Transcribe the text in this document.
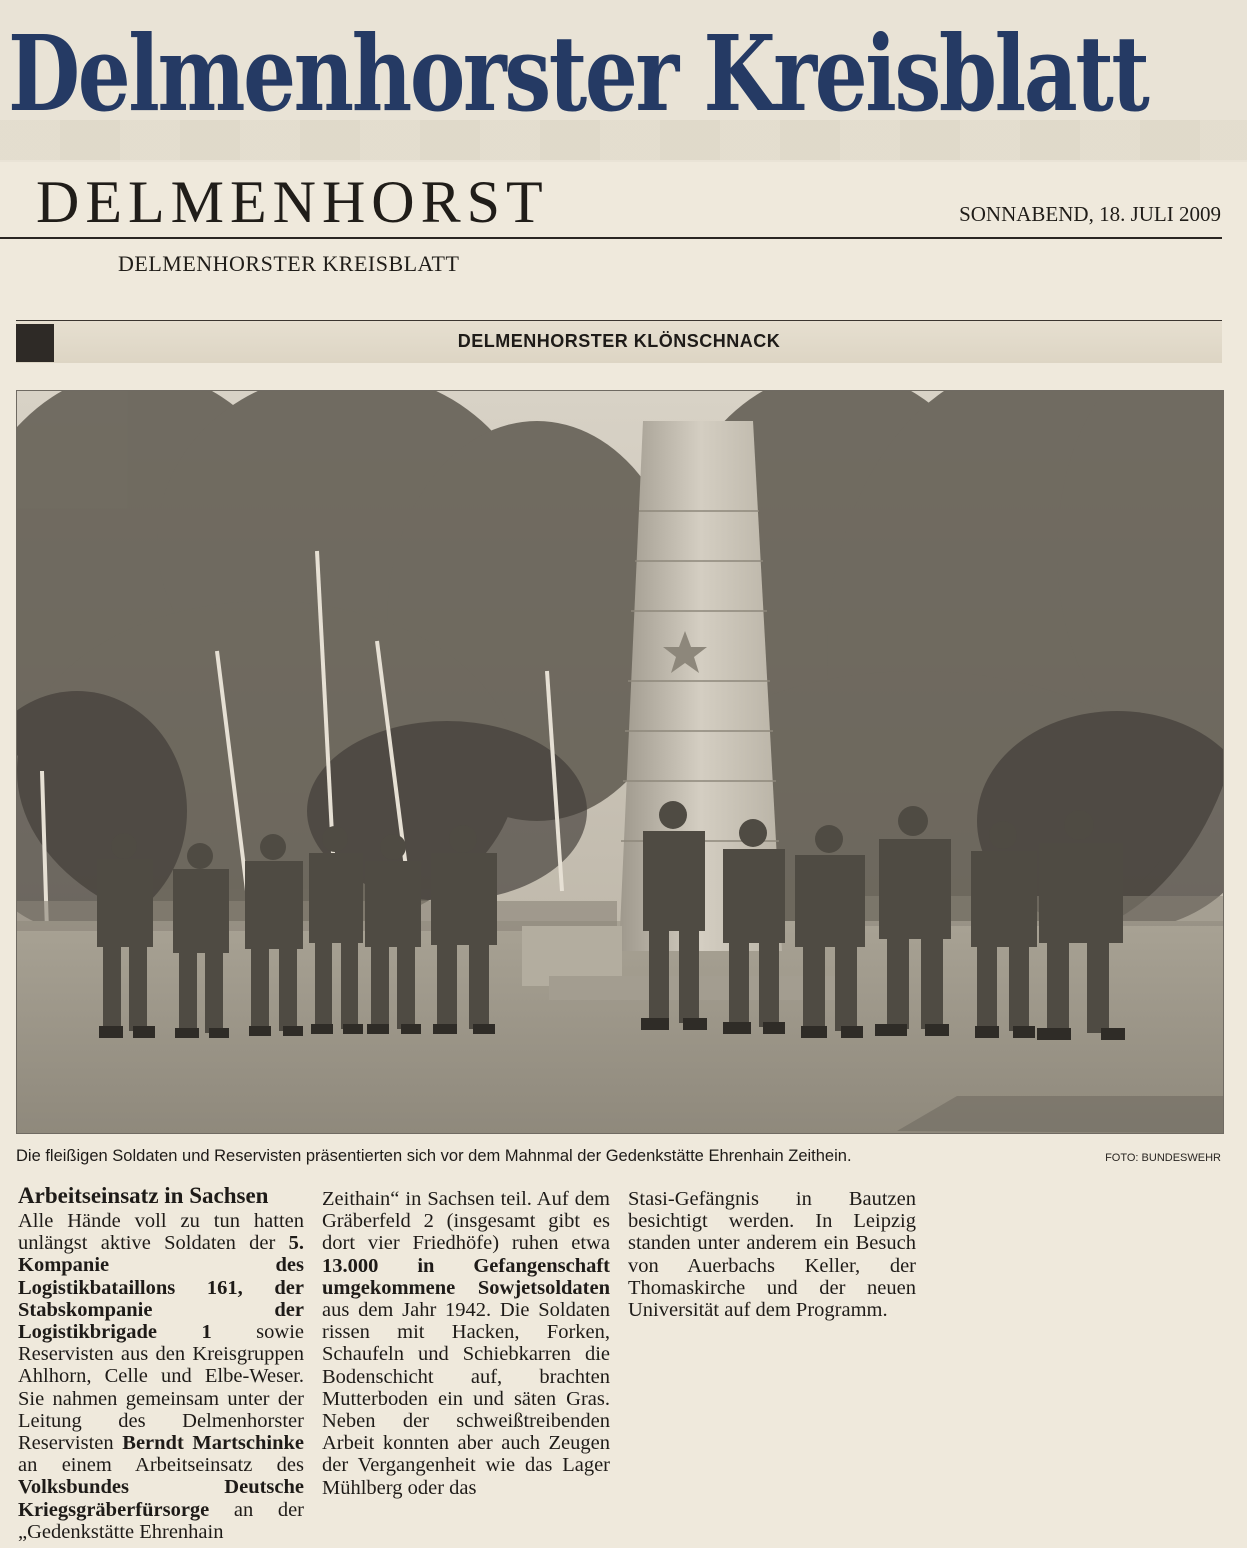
Delmenhorster Kreisblatt
DELMENHORST	SONNABEND, 18. JULI 2009
DELMENHORSTER KREISBLATT
DELMENHORSTER KLÖNSCHNACK
Die fleißigen Soldaten und Reservisten präsentierten sich vor dem Mahnmal der Gedenkstätte Ehrenhain Zeithein.	FOTO: BUNDESWEHR
Arbeitseinsatz in Sachsen
Alle Hände voll zu tun hatten unlängst aktive Soldaten der 5. Kompanie des Logistikbataillons 161, der Stabskompanie der Logistikbrigade 1 sowie Reservisten aus den Kreisgruppen Ahlhorn, Celle und Elbe-Weser. Sie nahmen gemeinsam unter der Leitung des Delmenhorster Reservisten Berndt Martschinke an einem Arbeitseinsatz des Volksbundes Deutsche Kriegsgräberfürsorge an der „Gedenkstätte Ehrenhain
Zeithain“ in Sachsen teil. Auf dem Gräberfeld 2 (insgesamt gibt es dort vier Friedhöfe) ruhen etwa 13.000 in Gefangenschaft umgekommene Sowjetsoldaten aus dem Jahr 1942. Die Soldaten rissen mit Hacken, Forken, Schaufeln und Schiebkarren die Bodenschicht auf, brachten Mutterboden ein und säten Gras. Neben der schweißtreibenden Arbeit konnten aber auch Zeugen der Vergangenheit wie das Lager Mühlberg oder das
Stasi-Gefängnis in Bautzen besichtigt werden. In Leipzig standen unter anderem ein Besuch von Auerbachs Keller, der Thomaskirche und der neuen Universität auf dem Programm.
